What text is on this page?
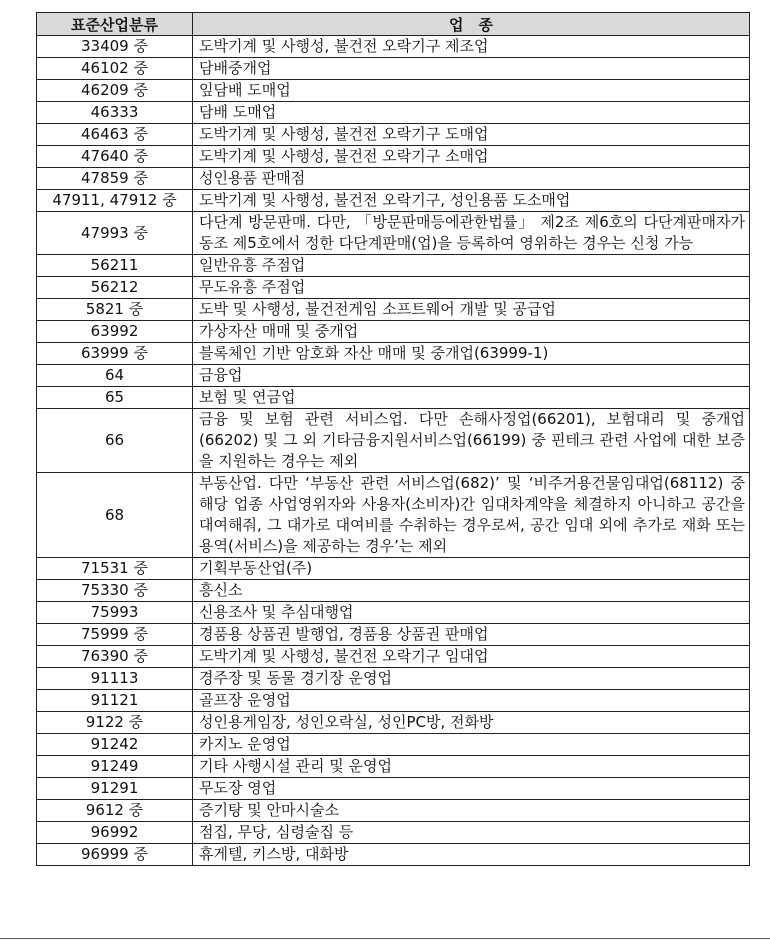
표준산업분류	업　종
33409 중	도박기계 및 사행성, 불건전 오락기구 제조업
46102 중	담배중개업
46209 중	잎담배 도매업
46333	담배 도매업
46463 중	도박기계 및 사행성, 불건전 오락기구 도매업
47640 중	도박기계 및 사행성, 불건전 오락기구 소매업
47859 중	성인용품 판매점
47911, 47912 중	도박기계 및 사행성, 불건전 오락기구, 성인용품 도소매업
47993 중	다단계 방문판매. 다만, 「방문판매등에관한법률」 제2조 제6호의 다단계판매자가 동조 제5호에서 정한 다단계판매(업)을 등록하여 영위하는 경우는 신청 가능
56211	일반유흥 주점업
56212	무도유흥 주점업
5821 중	도박 및 사행성, 불건전게임 소프트웨어 개발 및 공급업
63992	가상자산 매매 및 중개업
63999 중	블록체인 기반 암호화 자산 매매 및 중개업(63999-1)
64	금융업
65	보험 및 연금업
66	금융 및 보험 관련 서비스업. 다만 손해사정업(66201), 보험대리 및 중개업(66202) 및 그 외 기타금융지원서비스업(66199) 중 핀테크 관련 사업에 대한 보증을 지원하는 경우는 제외
68	부동산업. 다만 ‘부동산 관련 서비스업(682)’ 및 ‘비주거용건물임대업(68112) 중 해당 업종 사업영위자와 사용자(소비자)간 임대차계약을 체결하지 아니하고 공간을 대여해줘, 그 대가로 대여비를 수취하는 경우로써, 공간 임대 외에 추가로 재화 또는 용역(서비스)을 제공하는 경우’는 제외
71531 중	기획부동산업(주)
75330 중	흥신소
75993	신용조사 및 추심대행업
75999 중	경품용 상품권 발행업, 경품용 상품권 판매업
76390 중	도박기계 및 사행성, 불건전 오락기구 임대업
91113	경주장 및 동물 경기장 운영업
91121	골프장 운영업
9122 중	성인용게임장, 성인오락실, 성인PC방, 전화방
91242	카지노 운영업
91249	기타 사행시설 관리 및 운영업
91291	무도장 영업
9612 중	증기탕 및 안마시술소
96992	점집, 무당, 심령술집 등
96999 중	휴게텔, 키스방, 대화방
